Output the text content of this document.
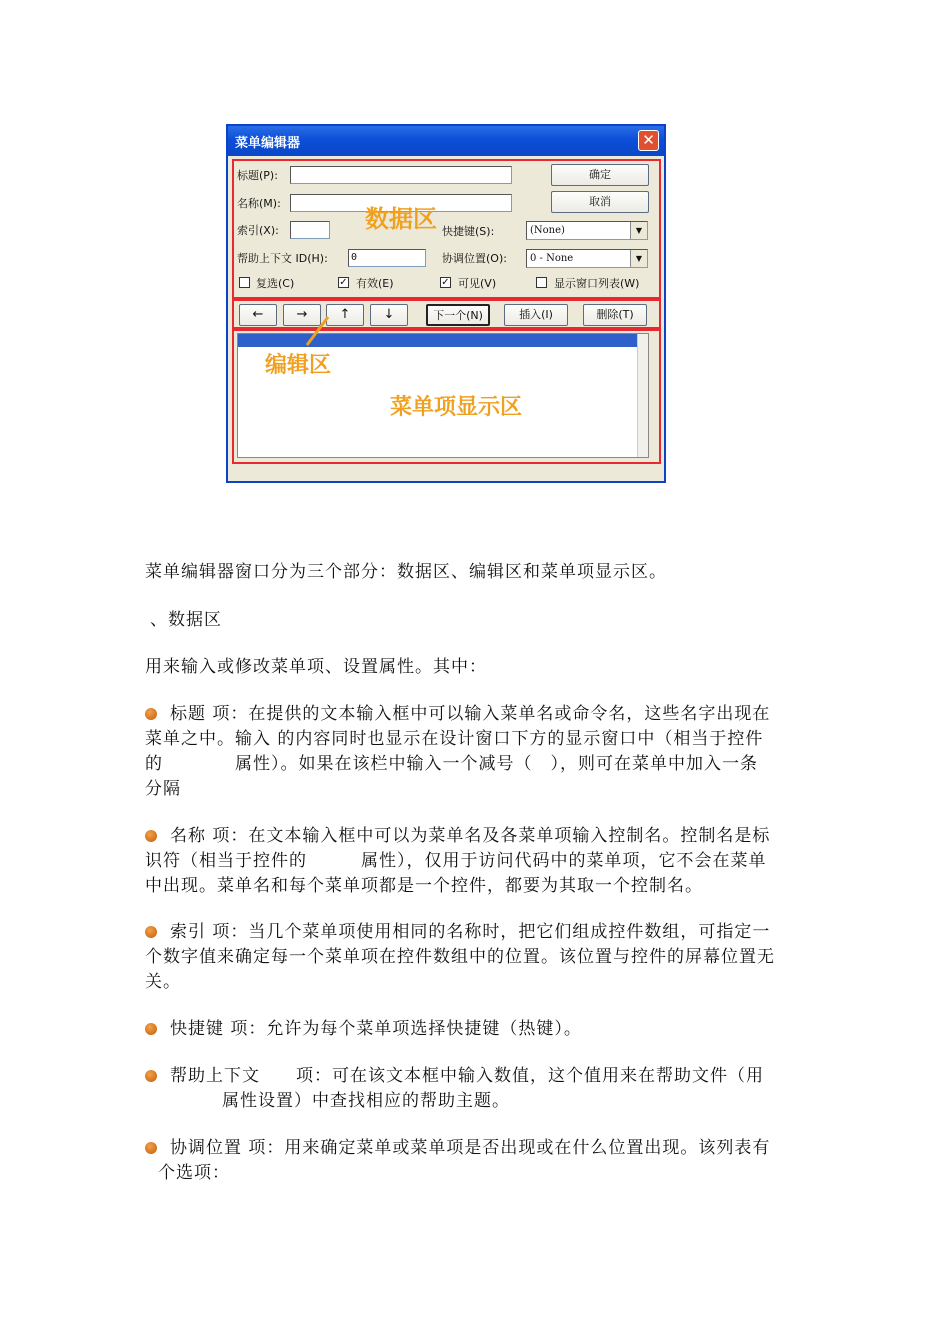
菜单编辑器	✕
标题(P):
名称(M):
确定
取消
索引(X):	数据区 快捷键(S):	(None)	▼
帮助上下文 ID(H):	0	协调位置(O):	0 - None	▼
复选(C)	✓ 有效(E)	✓ 可见(V)	显示窗口列表(W)
←	→	↑	↓	下一个(N)	插入(I)	删除(T)
编辑区
菜单项显示区
菜单编辑器窗口分为三个部分：数据区、编辑区和菜单项显示区。
、数据区
用来输入或修改菜单项、设置属性。其中：
标题 项：在提供的文本输入框中可以输入菜单名或命令名，这些名字出现在
菜单之中。输入 的内容同时也显示在设计窗口下方的显示窗口中（相当于控件
的　　　　属性）。如果在该栏中输入一个减号（　），则可在菜单中加入一条
分隔
名称 项：在文本输入框中可以为菜单名及各菜单项输入控制名。控制名是标
识符（相当于控件的　　　属性），仅用于访问代码中的菜单项，它不会在菜单
中出现。菜单名和每个菜单项都是一个控件，都要为其取一个控制名。
索引 项：当几个菜单项使用相同的名称时，把它们组成控件数组，可指定一
个数字值来确定每一个菜单项在控件数组中的位置。该位置与控件的屏幕位置无
关。
快捷键 项：允许为每个菜单项选择快捷键（热键）。
帮助上下文　　项：可在该文本框中输入数值，这个值用来在帮助文件（用
　　　　属性设置）中查找相应的帮助主题。
协调位置 项：用来确定菜单或菜单项是否出现或在什么位置出现。该列表有
个选项：
